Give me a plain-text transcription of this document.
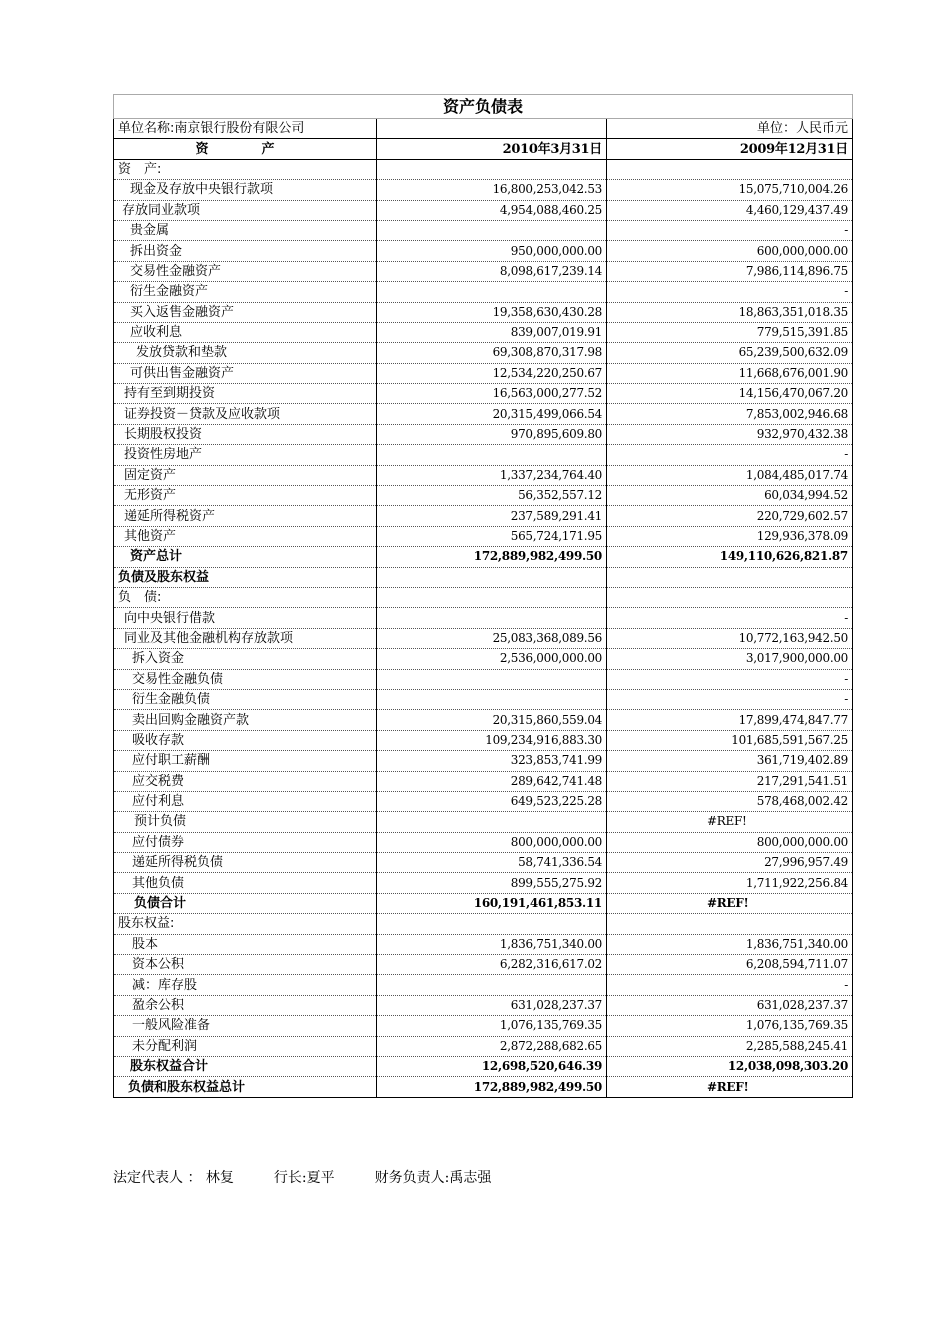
资产负债表		
单位名称:南京银行股份有限公司		单位：人民币元
资　产	2010年3月31日	2009年12月31日
资　产:		
现金及存放中央银行款项	16,800,253,042.53	15,075,710,004.26
存放同业款项	4,954,088,460.25	4,460,129,437.49
贵金属		-
拆出资金	950,000,000.00	600,000,000.00
交易性金融资产	8,098,617,239.14	7,986,114,896.75
衍生金融资产		-
买入返售金融资产	19,358,630,430.28	18,863,351,018.35
应收利息	839,007,019.91	779,515,391.85
发放贷款和垫款	69,308,870,317.98	65,239,500,632.09
可供出售金融资产	12,534,220,250.67	11,668,676,001.90
持有至到期投资	16,563,000,277.52	14,156,470,067.20
证券投资－贷款及应收款项	20,315,499,066.54	7,853,002,946.68
长期股权投资	970,895,609.80	932,970,432.38
投资性房地产		-
固定资产	1,337,234,764.40	1,084,485,017.74
无形资产	56,352,557.12	60,034,994.52
递延所得税资产	237,589,291.41	220,729,602.57
其他资产	565,724,171.95	129,936,378.09
资产总计	172,889,982,499.50	149,110,626,821.87
负债及股东权益		
负　债:		
向中央银行借款		-
同业及其他金融机构存放款项	25,083,368,089.56	10,772,163,942.50
拆入资金	2,536,000,000.00	3,017,900,000.00
交易性金融负债		-
衍生金融负债		-
卖出回购金融资产款	20,315,860,559.04	17,899,474,847.77
吸收存款	109,234,916,883.30	101,685,591,567.25
应付职工薪酬	323,853,741.99	361,719,402.89
应交税费	289,642,741.48	217,291,541.51
应付利息	649,523,225.28	578,468,002.42
预计负债		#REF!
应付债券	800,000,000.00	800,000,000.00
递延所得税负债	58,741,336.54	27,996,957.49
其他负债	899,555,275.92	1,711,922,256.84
负债合计	160,191,461,853.11	#REF!
股东权益:		
股本	1,836,751,340.00	1,836,751,340.00
资本公积	6,282,316,617.02	6,208,594,711.07
减：库存股		-
盈余公积	631,028,237.37	631,028,237.37
一般风险准备	1,076,135,769.35	1,076,135,769.35
未分配利润	2,872,288,682.65	2,285,588,245.41
股东权益合计	12,698,520,646.39	12,038,098,303.20
负债和股东权益总计	172,889,982,499.50	#REF!
法定代表人 ： 林复	行长:夏平	财务负责人:禹志强
